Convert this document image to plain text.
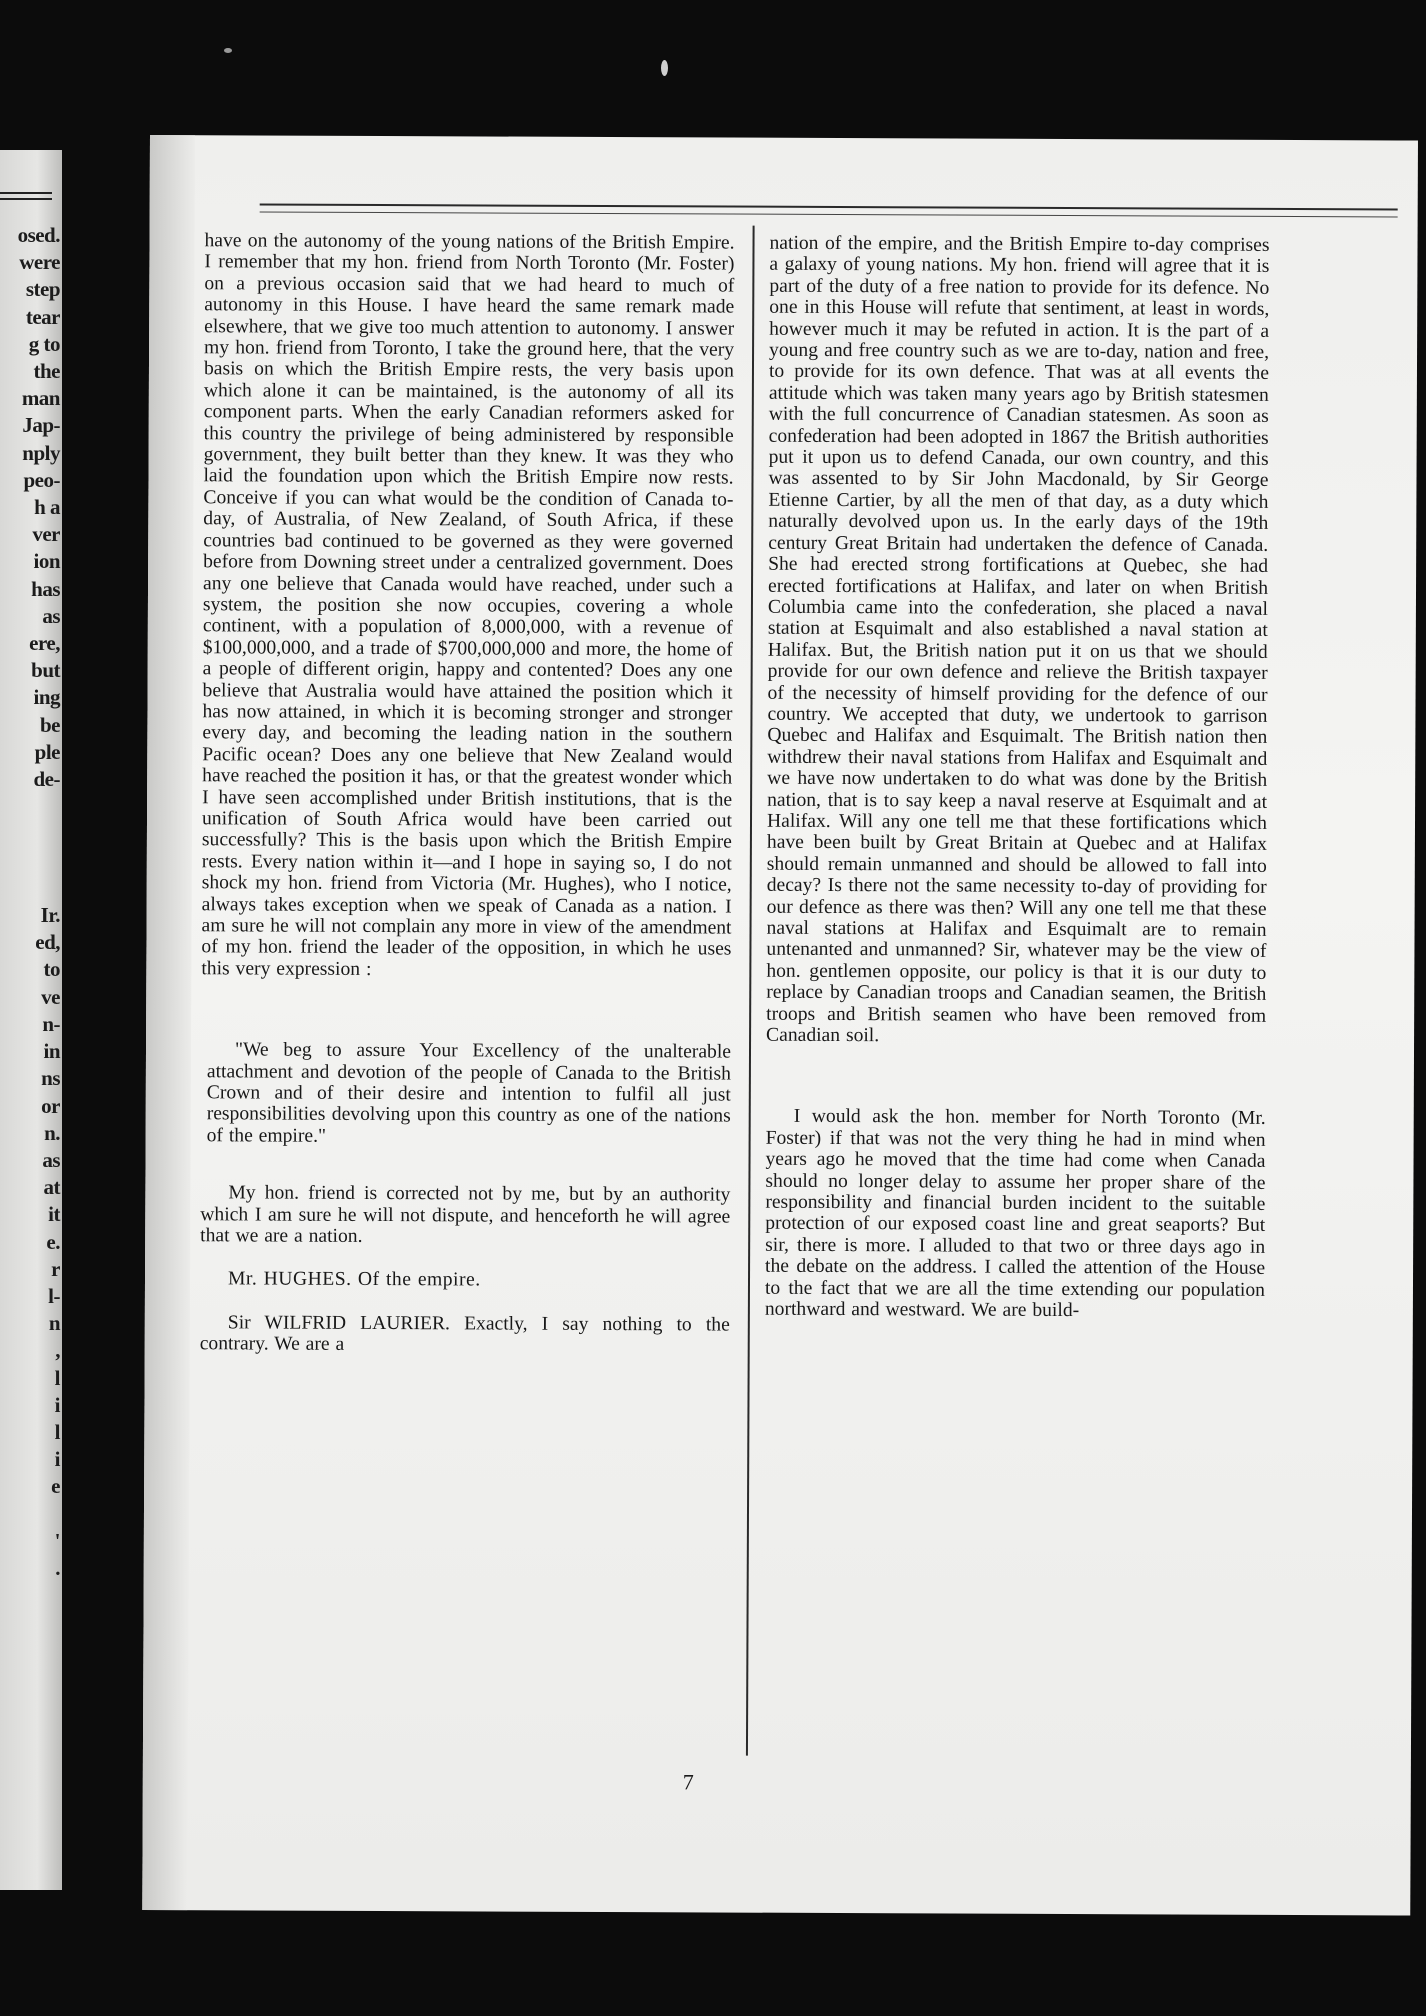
osed.
were
step
tear
g to
the
man
Jap-
nply
peo-
h a
ver
ion
has
as
ere,
but
ing
be
ple
de-

Ir.
ed,
to
ve
n-
in
ns
or
n.
as
at
it
e.
r
l-
n
,
l
i
l
i
e

'
.

have on the autonomy of the young nations of the British Empire. I remember that my hon. friend from North Toronto (Mr. Foster) on a previous occasion said that we had heard to much of autonomy in this House. I have heard the same remark made elsewhere, that we give too much attention to autonomy. I answer my hon. friend from Toronto, I take the ground here, that the very basis on which the British Empire rests, the very basis upon which alone it can be maintained, is the autonomy of all its component parts. When the early Canadian reformers asked for this country the privilege of being administered by responsible government, they built better than they knew. It was they who laid the foundation upon which the British Empire now rests. Conceive if you can what would be the condition of Canada to-day, of Australia, of New Zealand, of South Africa, if these countries bad continued to be governed as they were governed before from Downing street under a centralized government. Does any one believe that Canada would have reached, under such a system, the position she now occupies, covering a whole continent, with a population of 8,000,000, with a revenue of $100,000,000, and a trade of $700,000,000 and more, the home of a people of different origin, happy and contented? Does any one believe that Australia would have attained the position which it has now attained, in which it is becoming stronger and stronger every day, and becoming the leading nation in the southern Pacific ocean? Does any one believe that New Zealand would have reached the position it has, or that the greatest wonder which I have seen accomplished under British institutions, that is the unification of South Africa would have been carried out successfully? This is the basis upon which the British Empire rests. Every nation within it—and I hope in saying so, I do not shock my hon. friend from Victoria (Mr. Hughes), who I notice, always takes exception when we speak of Canada as a nation. I am sure he will not complain any more in view of the amendment of my hon. friend the leader of the opposition, in which he uses this very expression :

"We beg to assure Your Excellency of the unalterable attachment and devotion of the people of Canada to the British Crown and of their desire and intention to fulfil all just responsibilities devolving upon this country as one of the nations of the empire."

My hon. friend is corrected not by me, but by an authority which I am sure he will not dispute, and henceforth he will agree that we are a nation.

Mr. HUGHES. Of the empire.

Sir WILFRID LAURIER. Exactly, I say nothing to the contrary. We are a

nation of the empire, and the British Empire to-day comprises a galaxy of young nations. My hon. friend will agree that it is part of the duty of a free nation to provide for its defence. No one in this House will refute that sentiment, at least in words, however much it may be refuted in action. It is the part of a young and free country such as we are to-day, nation and free, to provide for its own defence. That was at all events the attitude which was taken many years ago by British statesmen with the full concurrence of Canadian statesmen. As soon as confederation had been adopted in 1867 the British authorities put it upon us to defend Canada, our own country, and this was assented to by Sir John Macdonald, by Sir George Etienne Cartier, by all the men of that day, as a duty which naturally devolved upon us. In the early days of the 19th century Great Britain had undertaken the defence of Canada. She had erected strong fortifications at Quebec, she had erected fortifications at Halifax, and later on when British Columbia came into the confederation, she placed a naval station at Esquimalt and also established a naval station at Halifax. But, the British nation put it on us that we should provide for our own defence and relieve the British taxpayer of the necessity of himself providing for the defence of our country. We accepted that duty, we undertook to garrison Quebec and Halifax and Esquimalt. The British nation then withdrew their naval stations from Halifax and Esquimalt and we have now undertaken to do what was done by the British nation, that is to say keep a naval reserve at Esquimalt and at Halifax. Will any one tell me that these fortifications which have been built by Great Britain at Quebec and at Halifax should remain unmanned and should be allowed to fall into decay? Is there not the same necessity to-day of providing for our defence as there was then? Will any one tell me that these naval stations at Halifax and Esquimalt are to remain untenanted and unmanned? Sir, whatever may be the view of hon. gentlemen opposite, our policy is that it is our duty to replace by Canadian troops and Canadian seamen, the British troops and British seamen who have been removed from Canadian soil.

I would ask the hon. member for North Toronto (Mr. Foster) if that was not the very thing he had in mind when years ago he moved that the time had come when Canada should no longer delay to assume her proper share of the responsibility and financial burden incident to the suitable protection of our exposed coast line and great seaports? But sir, there is more. I alluded to that two or three days ago in the debate on the address. I called the attention of the House to the fact that we are all the time extending our population northward and westward. We are build-

7
